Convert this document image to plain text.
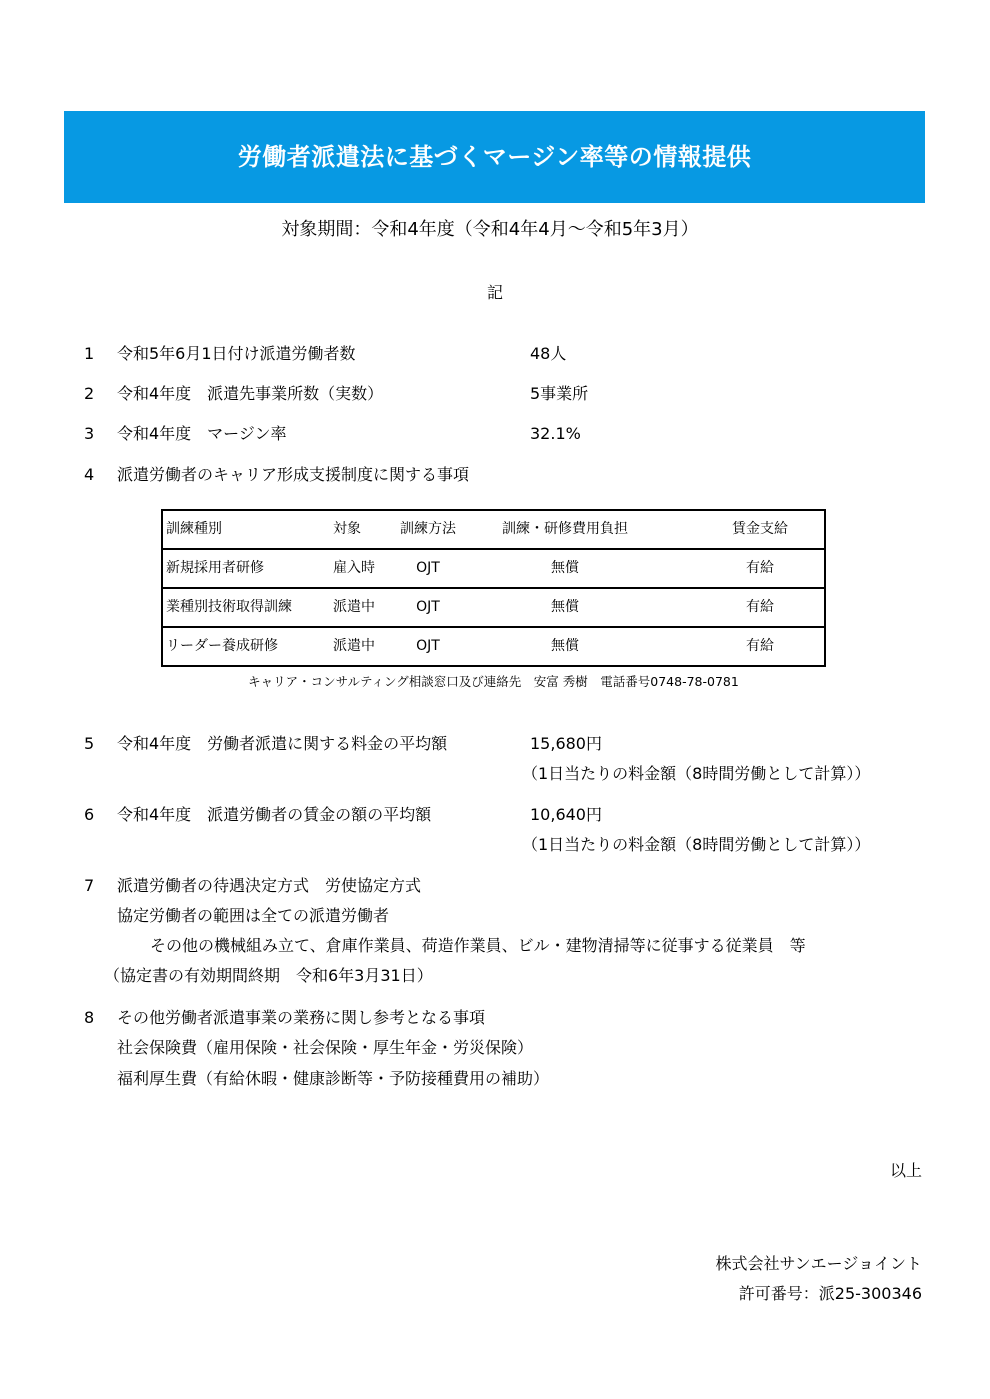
労働者派遣法に基づくマージン率等の情報提供
対象期間：令和4年度（令和4年4月～令和5年3月）
記
1 令和5年6月1日付け派遣労働者数	48人
2 令和4年度　派遣先事業所数（実数）	5事業所
3 令和4年度　マージン率	32.1%
4 派遣労働者のキャリア形成支援制度に関する事項
訓練種別	対象	訓練方法	訓練・研修費用負担	賃金支給
新規採用者研修	雇入時	OJT	無償	有給
業種別技術取得訓練	派遣中	OJT	無償	有給
リーダー養成研修	派遣中	OJT	無償	有給
キャリア・コンサルティング相談窓口及び連絡先　安富 秀樹　電話番号0748-78-0781
5 令和4年度　労働者派遣に関する料金の平均額	15,680円
（1日当たりの料金額（8時間労働として計算））
6 令和4年度　派遣労働者の賃金の額の平均額	10,640円
（1日当たりの料金額（8時間労働として計算））
7 派遣労働者の待遇決定方式　労使協定方式
協定労働者の範囲は全ての派遣労働者
その他の機械組み立て、倉庫作業員、荷造作業員、ビル・建物清掃等に従事する従業員　等
（協定書の有効期間終期　令和6年3月31日）
8 その他労働者派遣事業の業務に関し参考となる事項
社会保険費（雇用保険・社会保険・厚生年金・労災保険）
福利厚生費（有給休暇・健康診断等・予防接種費用の補助）
以上
株式会社サンエージョイント
許可番号：派25-300346
